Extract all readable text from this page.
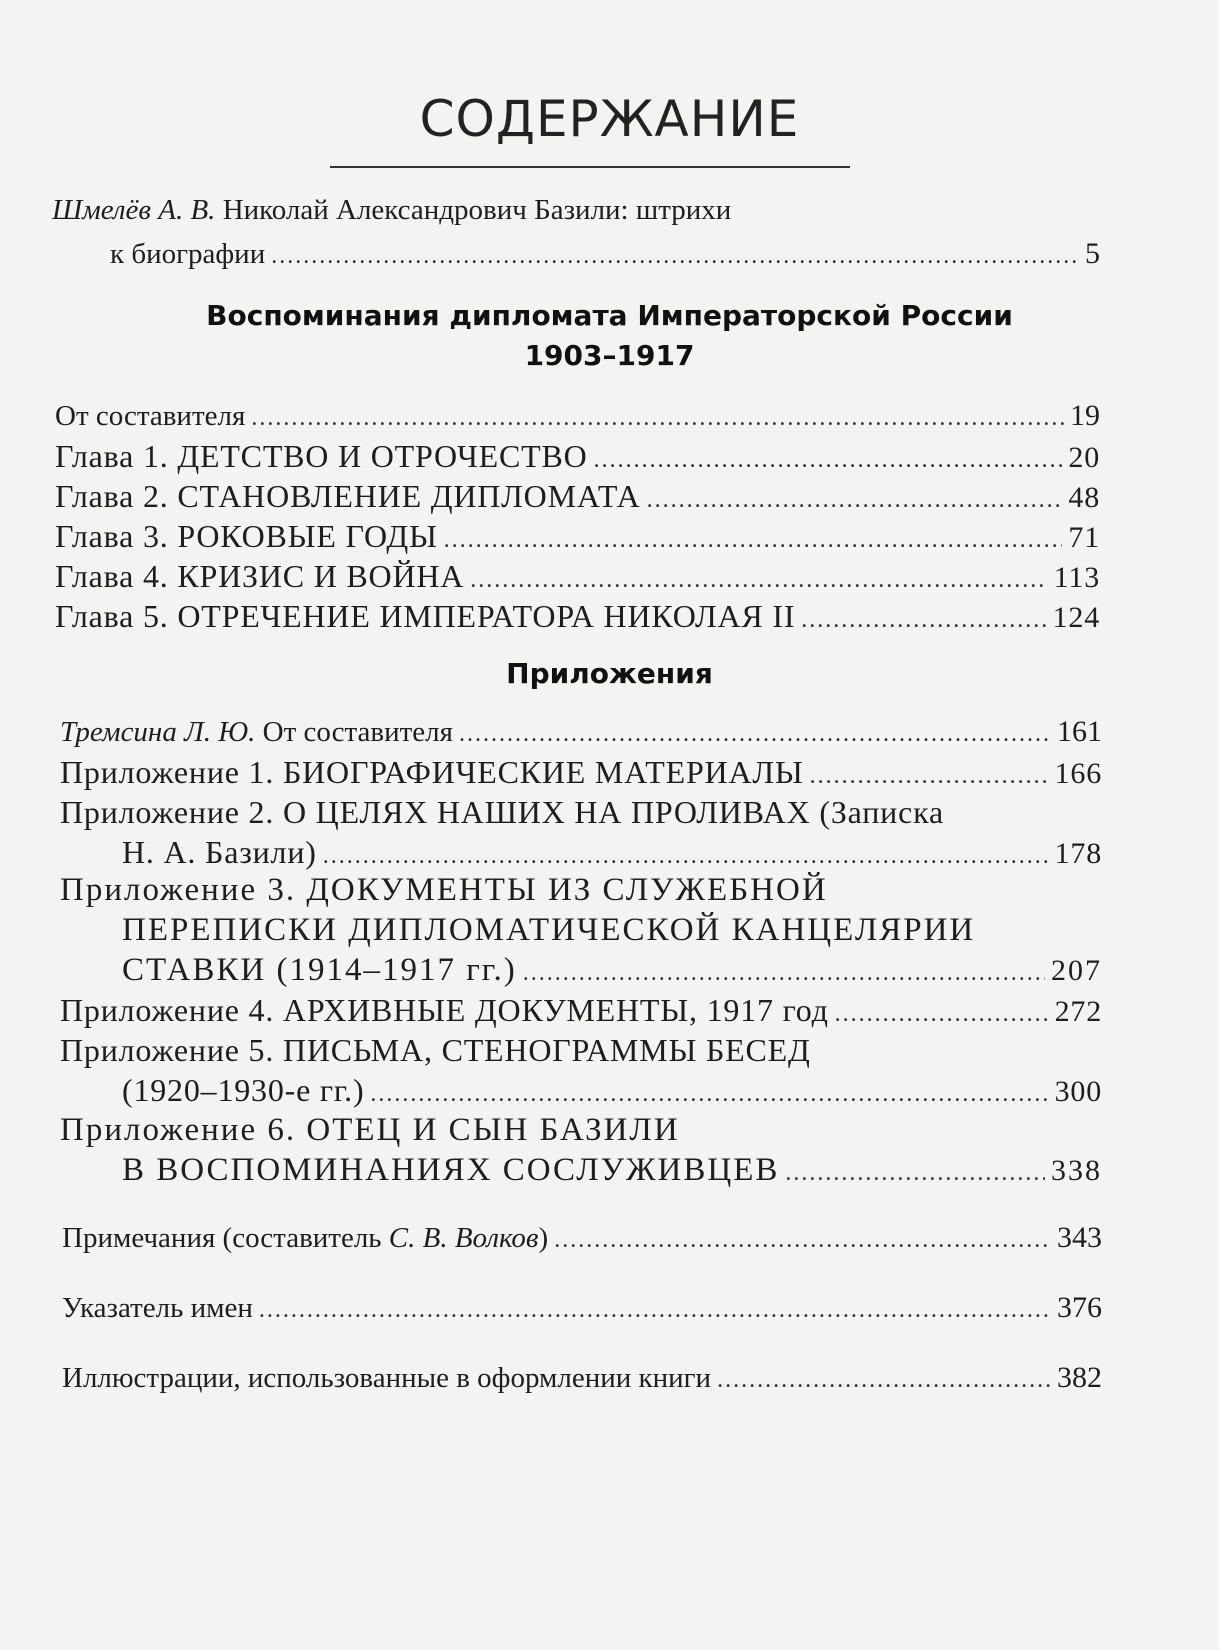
СОДЕРЖАНИЕ
Шмелёв А. В. Николай Александрович Базили: штрихи
к биографии . . .	5
Воспоминания дипломата Императорской России
1903–1917
От составителя . . .	19
Глава 1. ДЕТСТВО И ОТРОЧЕСТВО . . .	20
Глава 2. СТАНОВЛЕНИЕ ДИПЛОМАТА . . .	48
Глава 3. РОКОВЫЕ ГОДЫ . . .	71
Глава 4. КРИЗИС И ВОЙНА . . .	113
Глава 5. ОТРЕЧЕНИЕ ИМПЕРАТОРА НИКОЛАЯ II . . .	124
Приложения
Тремсина Л. Ю. От составителя . . .	161
Приложение 1. БИОГРАФИЧЕСКИЕ МАТЕРИАЛЫ . . .	166
Приложение 2. О ЦЕЛЯХ НАШИХ НА ПРОЛИВАХ (Записка
Н. А. Базили) . . .	178
Приложение 3. ДОКУМЕНТЫ ИЗ СЛУЖЕБНОЙ
ПЕРЕПИСКИ ДИПЛОМАТИЧЕСКОЙ КАНЦЕЛЯРИИ
СТАВКИ (1914–1917 гг.) . . .	207
Приложение 4. АРХИВНЫЕ ДОКУМЕНТЫ, 1917 год . . .	272
Приложение 5. ПИСЬМА, СТЕНОГРАММЫ БЕСЕД
(1920–1930-е гг.) . . .	300
Приложение 6. ОТЕЦ И СЫН БАЗИЛИ
В ВОСПОМИНАНИЯХ СОСЛУЖИВЦЕВ . . .	338
Примечания (составитель С. В. Волков) . . .	343
Указатель имен . . .	376
Иллюстрации, использованные в оформлении книги . . .	382
